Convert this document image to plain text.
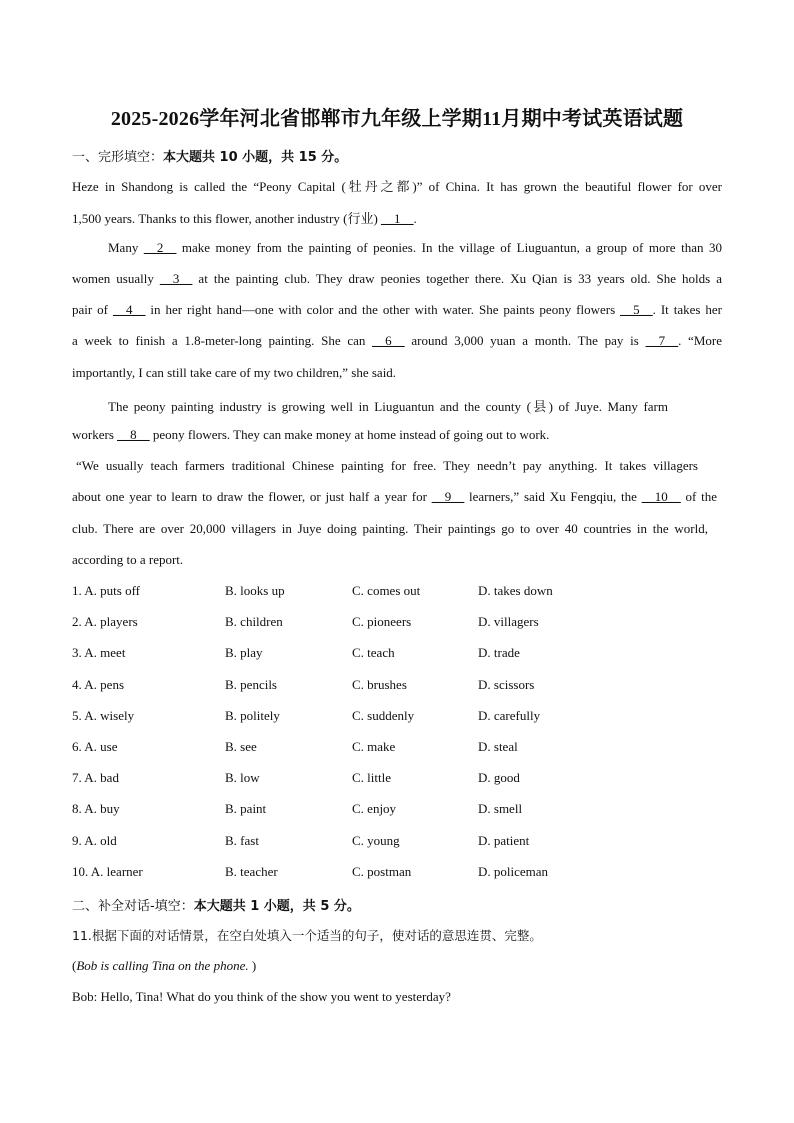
2025-2026学年河北省邯郸市九年级上学期11月期中考试英语试题
一、完形填空：本大题共 10 小题，共 15 分。
Heze in Shandong is called the “Peony Capital (牡丹之都)” of China. It has grown the beautiful flower for over
1,500 years. Thanks to this flower, another industry (行业) __1__.
Many __2__ make money from the painting of peonies. In the village of Liuguantun, a group of more than 30
women usually __3__ at the painting club. They draw peonies together there. Xu Qian is 33 years old. She holds a
pair of __4__ in her right hand—one with color and the other with water. She paints peony flowers __5__. It takes her
a week to finish a 1.8-meter-long painting. She can __6__ around 3,000 yuan a month. The pay is __7__. “More
importantly, I can still take care of my two children,” she said.
The peony painting industry is growing well in Liuguantun and the county (县) of Juye. Many farm
workers __8__ peony flowers. They can make money at home instead of going out to work.
“We usually teach farmers traditional Chinese painting for free. They needn’t pay anything. It takes villagers
about one year to learn to draw the flower, or just half a year for __9__ learners,” said Xu Fengqiu, the __10__ of the
club. There are over 20,000 villagers in Juye doing painting. Their paintings go to over 40 countries in the world,
according to a report.
1. A. puts off	B. looks up	C. comes out	D. takes down
2. A. players	B. children	C. pioneers	D. villagers
3. A. meet	B. play	C. teach	D. trade
4. A. pens	B. pencils	C. brushes	D. scissors
5. A. wisely	B. politely	C. suddenly	D. carefully
6. A. use	B. see	C. make	D. steal
7. A. bad	B. low	C. little	D. good
8. A. buy	B. paint	C. enjoy	D. smell
9. A. old	B. fast	C. young	D. patient
10. A. learner	B. teacher	C. postman	D. policeman
二、补全对话-填空：本大题共 1 小题，共 5 分。
11.根据下面的对话情景，在空白处填入一个适当的句子，使对话的意思连贯、完整。
(Bob is calling Tina on the phone. )
Bob: Hello, Tina! What do you think of the show you went to yesterday?
